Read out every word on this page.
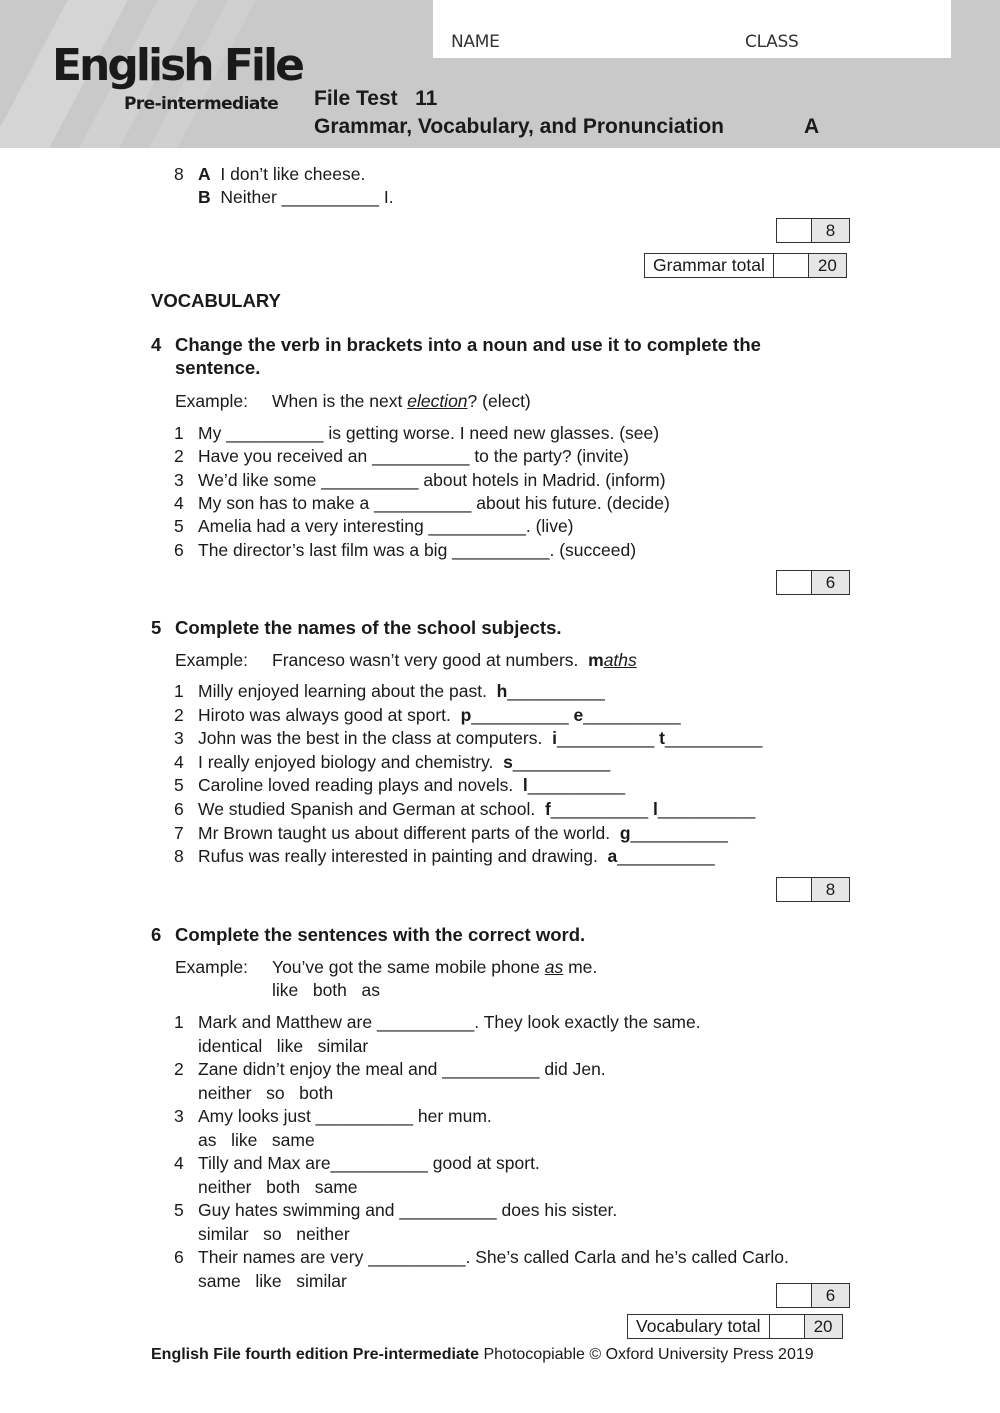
NAME	CLASS
English File
Pre-intermediate File Test   11
Grammar, Vocabulary, and Pronunciation	A
8 A I don’t like cheese.
B Neither __________ I.
8
Grammar total	20
VOCABULARY
4 Change the verb in brackets into a noun and use it to complete the
sentence.
Example: When is the next election? (elect)
1 My __________ is getting worse. I need new glasses. (see)
2 Have you received an __________ to the party? (invite)
3 We’d like some __________ about hotels in Madrid. (inform)
4 My son has to make a __________ about his future. (decide)
5 Amelia had a very interesting __________. (live)
6 The director’s last film was a big __________. (succeed)
6
5 Complete the names of the school subjects.
Example: Franceso wasn’t very good at numbers.  maths
1 Milly enjoyed learning about the past.  h__________
2 Hiroto was always good at sport.  p__________ e__________
3 John was the best in the class at computers.  i__________ t__________
4 I really enjoyed biology and chemistry.  s__________
5 Caroline loved reading plays and novels.  l__________
6 We studied Spanish and German at school.  f__________ l__________
7 Mr Brown taught us about different parts of the world.  g__________
8 Rufus was really interested in painting and drawing.  a__________
8
6 Complete the sentences with the correct word.
Example: You’ve got the same mobile phone as me.
like   both   as
1 Mark and Matthew are __________. They look exactly the same.
identical   like   similar
2 Zane didn’t enjoy the meal and __________ did Jen.
neither   so   both
3 Amy looks just __________ her mum.
as   like   same
4 Tilly and Max are__________ good at sport.
neither   both   same
5 Guy hates swimming and __________ does his sister.
similar   so   neither
6 Their names are very __________. She’s called Carla and he’s called Carlo.
same   like   similar
6
Vocabulary total	20
English File fourth edition Pre-intermediate Photocopiable © Oxford University Press 2019
